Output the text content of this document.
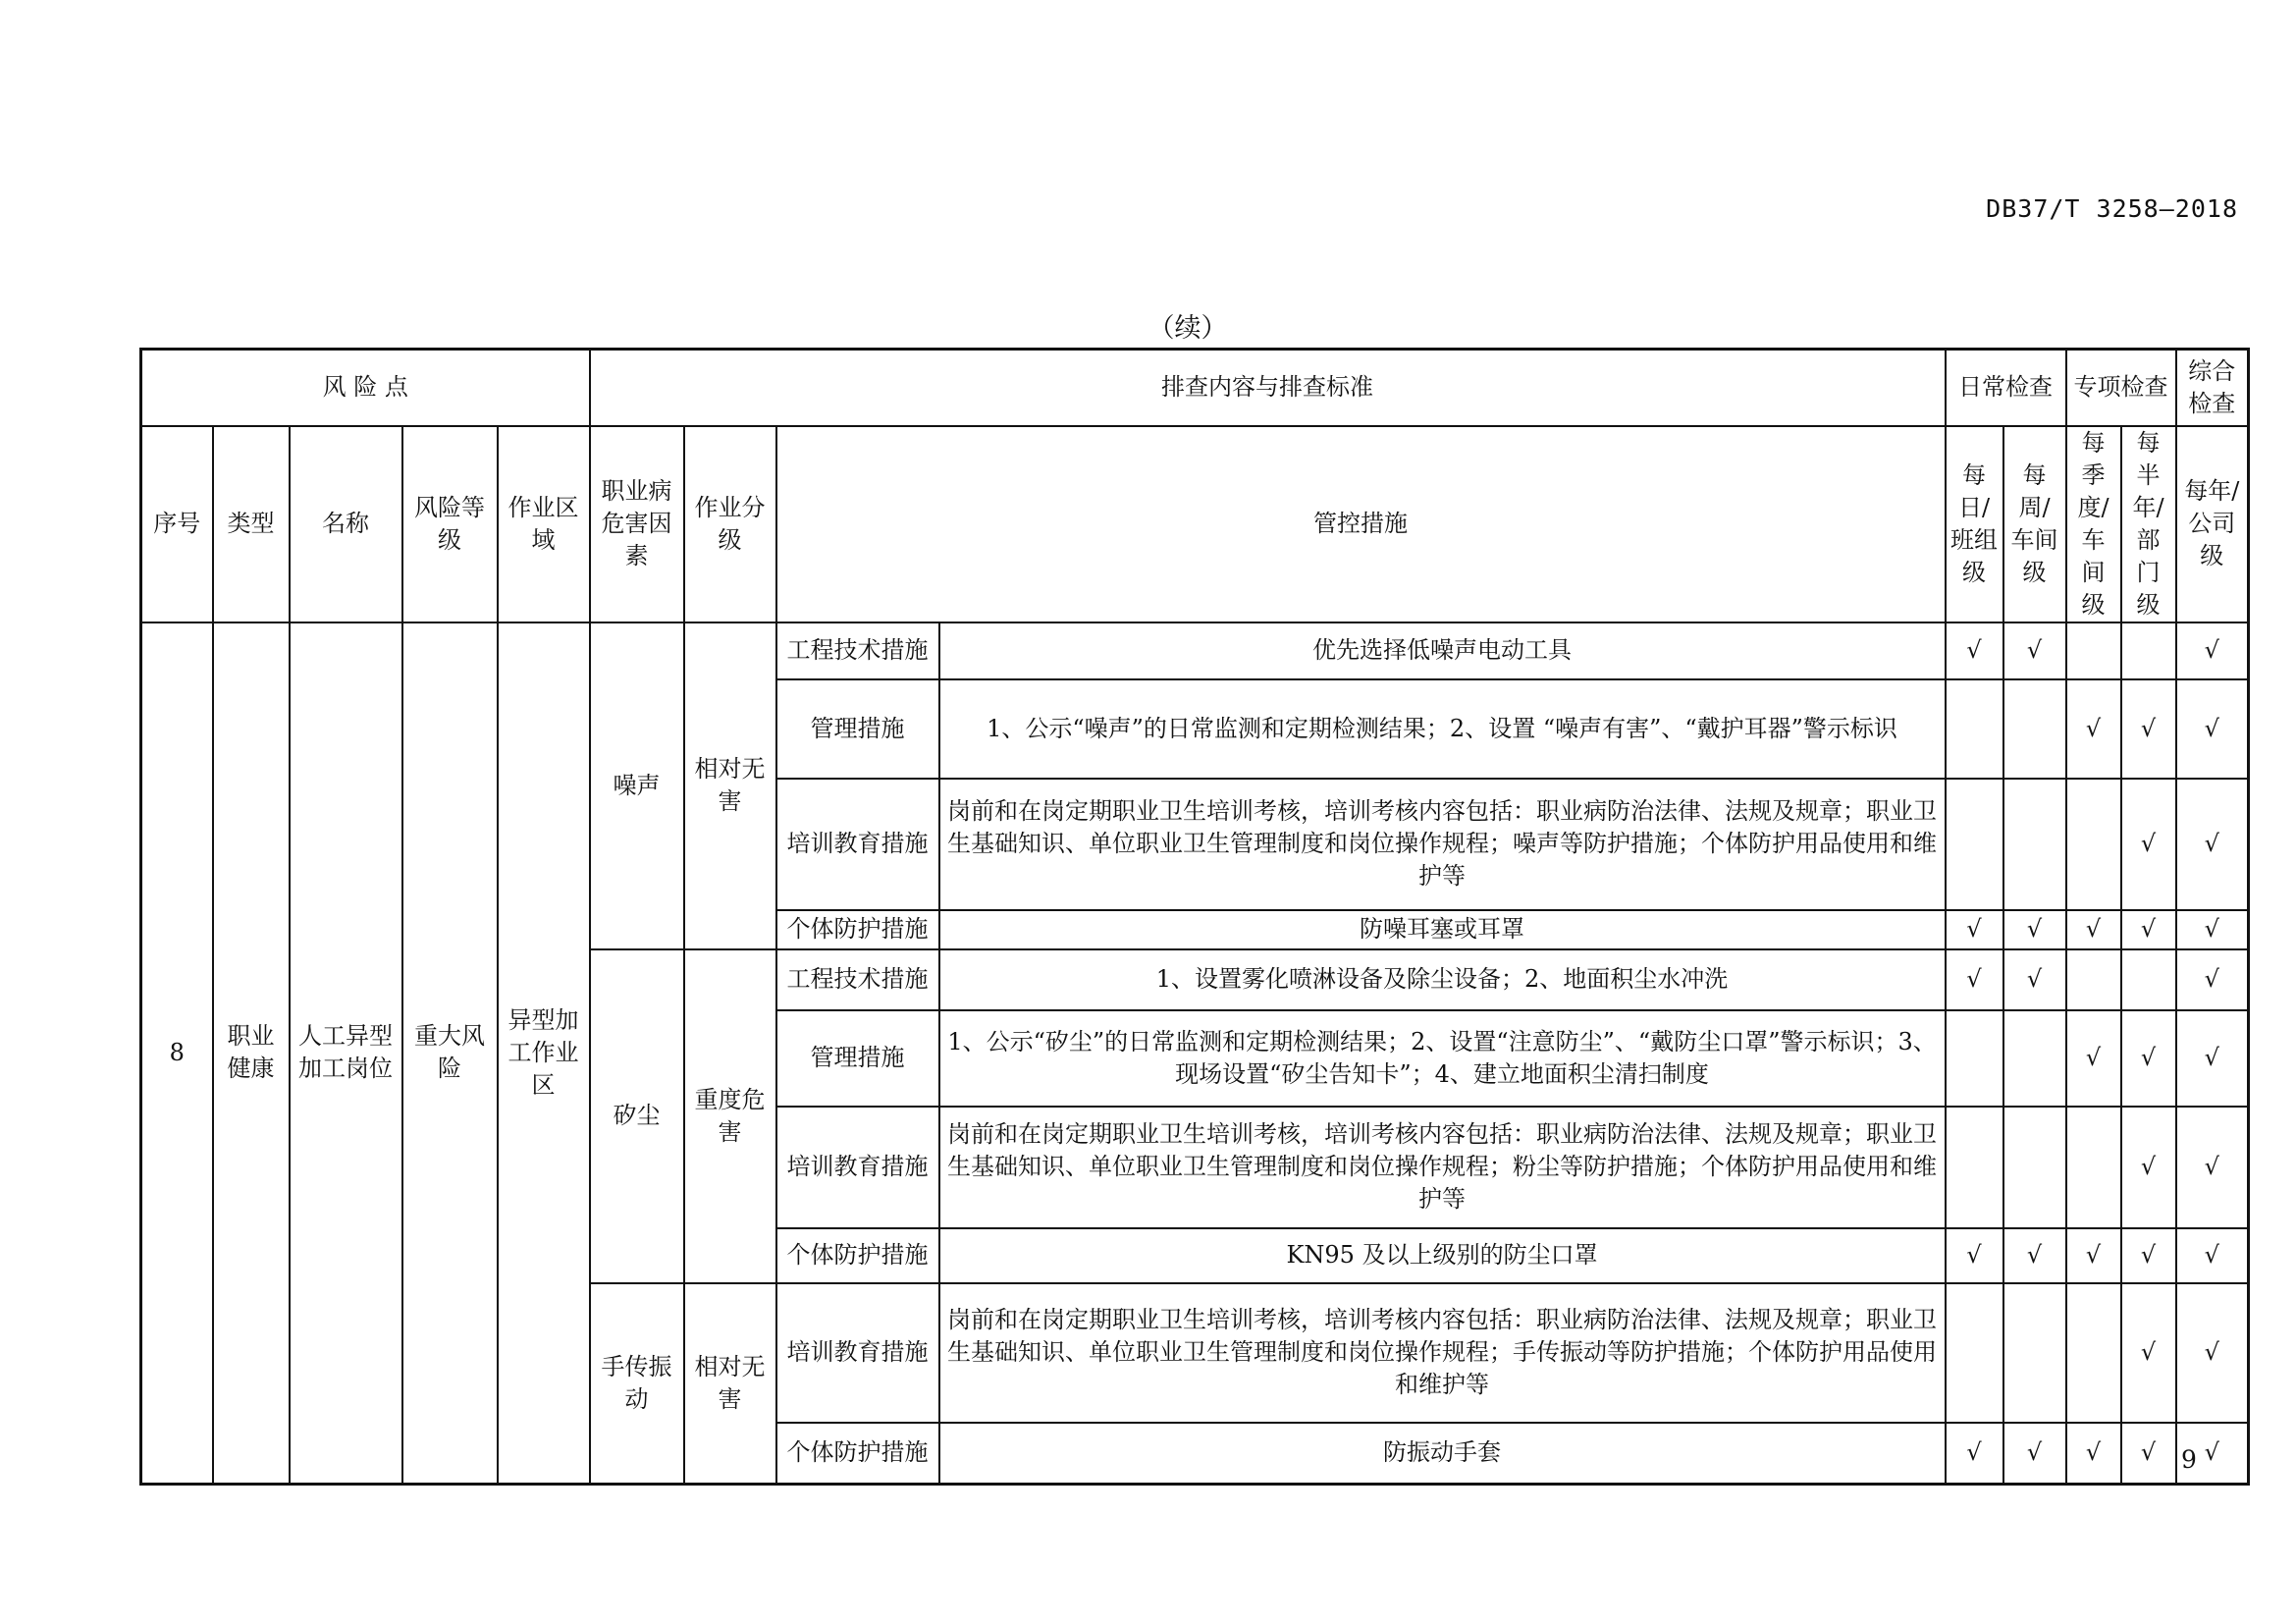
DB37/T 3258—2018
（续）
风 险 点					排查内容与排查标准				日常检查		专项检查		综合检查
序号	类型	名称	风险等级	作业区域	职业病危害因素	作业分级	管控措施		每日/班组级	每周/车间级	每季度/车间级	每半年/部门级	每年/公司级
8	职业健康	人工异型加工岗位	重大风险	异型加工作业区	噪声	相对无害	工程技术措施	优先选择低噪声电动工具	√	√			√
							管理措施	1、公示“噪声”的日常监测和定期检测结果；2、设置 “噪声有害”、“戴护耳器”警示标识			√	√	√
							培训教育措施	岗前和在岗定期职业卫生培训考核，培训考核内容包括：职业病防治法律、法规及规章；职业卫生基础知识、单位职业卫生管理制度和岗位操作规程；噪声等防护措施；个体防护用品使用和维护等				√	√
							个体防护措施	防噪耳塞或耳罩	√	√	√	√	√
					矽尘	重度危害	工程技术措施	1、设置雾化喷淋设备及除尘设备；2、地面积尘水冲洗	√	√			√
							管理措施	1、公示“矽尘”的日常监测和定期检测结果；2、设置“注意防尘”、“戴防尘口罩”警示标识；3、现场设置“矽尘告知卡”；4、建立地面积尘清扫制度			√	√	√
							培训教育措施	岗前和在岗定期职业卫生培训考核，培训考核内容包括：职业病防治法律、法规及规章；职业卫生基础知识、单位职业卫生管理制度和岗位操作规程；粉尘等防护措施；个体防护用品使用和维护等				√	√
							个体防护措施	KN95 及以上级别的防尘口罩	√	√	√	√	√
					手传振动	相对无害	培训教育措施	岗前和在岗定期职业卫生培训考核，培训考核内容包括：职业病防治法律、法规及规章；职业卫生基础知识、单位职业卫生管理制度和岗位操作规程；手传振动等防护措施；个体防护用品使用和维护等				√	√
							个体防护措施	防振动手套	√	√	√	√	√
9
